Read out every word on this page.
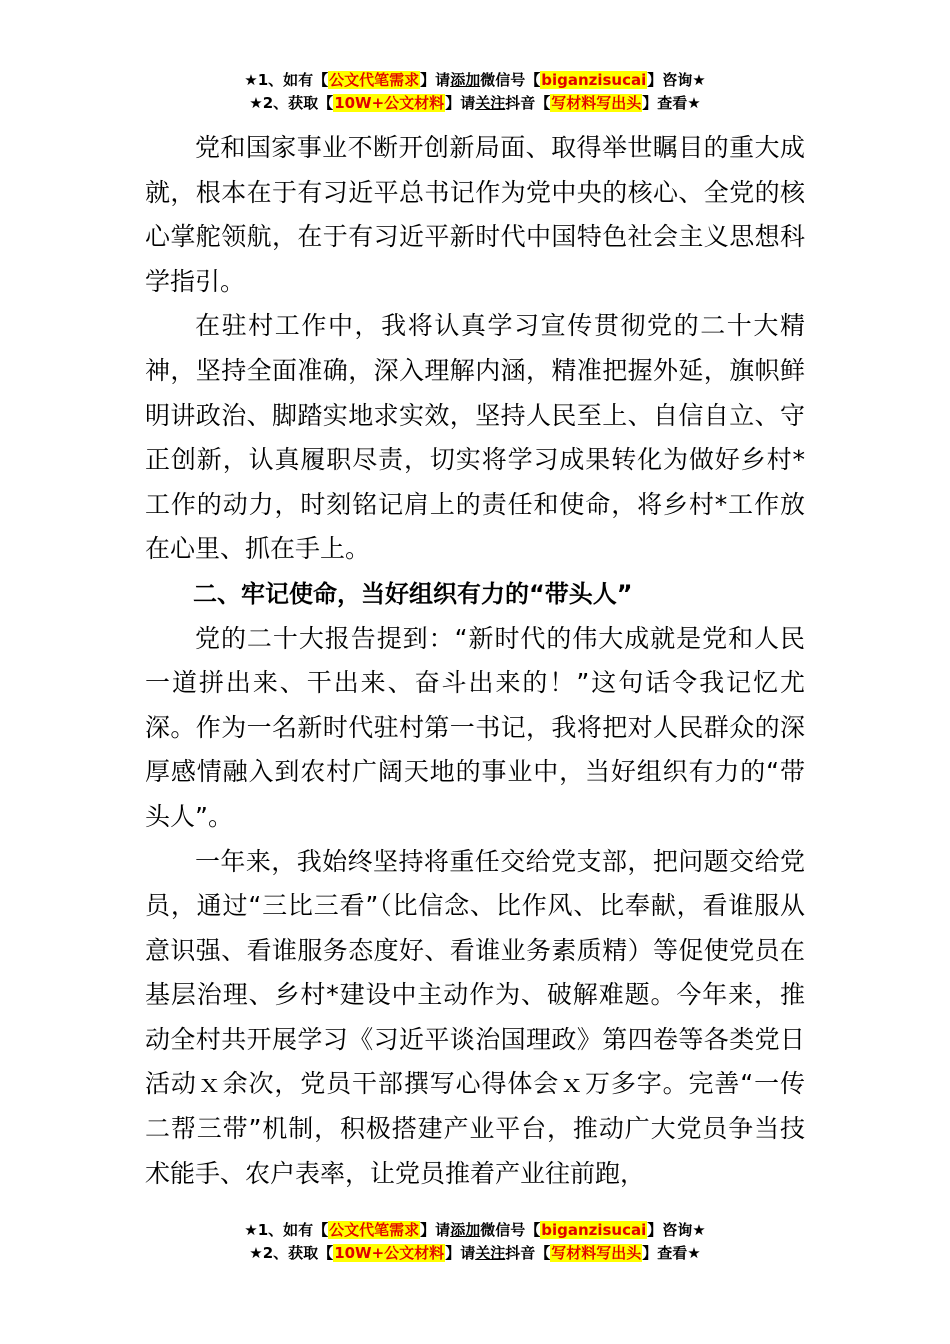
★1、如有【公文代笔需求】请添加微信号【biganzisucai】咨询★
★2、获取【10W+公文材料】请关注抖音【写材料写出头】查看★

党和国家事业不断开创新局面、取得举世瞩目的重大成就，根本在于有习近平总书记作为党中央的核心、全党的核心掌舵领航，在于有习近平新时代中国特色社会主义思想科学指引。

在驻村工作中，我将认真学习宣传贯彻党的二十大精神，坚持全面准确，深入理解内涵，精准把握外延，旗帜鲜明讲政治、脚踏实地求实效，坚持人民至上、自信自立、守正创新，认真履职尽责，切实将学习成果转化为做好乡村*工作的动力，时刻铭记肩上的责任和使命，将乡村*工作放在心里、抓在手上。

二、牢记使命，当好组织有力的“带头人”

党的二十大报告提到：“新时代的伟大成就是党和人民一道拼出来、干出来、奋斗出来的！”这句话令我记忆尤深。作为一名新时代驻村第一书记，我将把对人民群众的深厚感情融入到农村广阔天地的事业中，当好组织有力的“带头人”。

一年来，我始终坚持将重任交给党支部，把问题交给党员，通过“三比三看”（比信念、比作风、比奉献，看谁服从意识强、看谁服务态度好、看谁业务素质精）等促使党员在基层治理、乡村*建设中主动作为、破解难题。今年来，推动全村共开展学习《习近平谈治国理政》第四卷等各类党日活动ｘ余次，党员干部撰写心得体会ｘ万多字。完善“一传二帮三带”机制，积极搭建产业平台，推动广大党员争当技术能手、农户表率，让党员推着产业往前跑，

★1、如有【公文代笔需求】请添加微信号【biganzisucai】咨询★
★2、获取【10W+公文材料】请关注抖音【写材料写出头】查看★
